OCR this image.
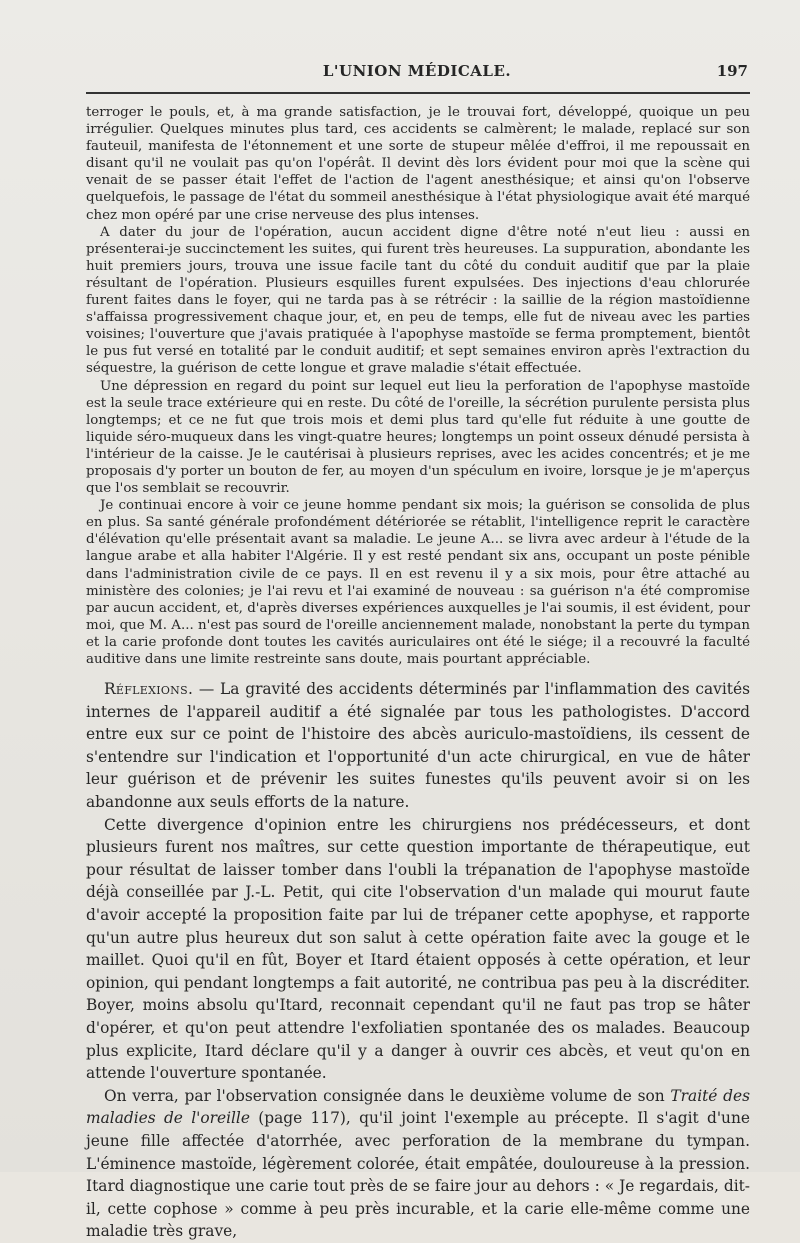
L'UNION MÉDICALE.	197

terroger le pouls, et, à ma grande satisfaction, je le trouvai fort, développé, quoique un peu irrégulier. Quelques minutes plus tard, ces accidents se calmèrent; le malade, replacé sur son fauteuil, manifesta de l'étonnement et une sorte de stupeur mêlée d'effroi, il me repoussait en disant qu'il ne voulait pas qu'on l'opérât. Il devint dès lors évident pour moi que la scène qui venait de se passer était l'effet de l'action de l'agent anesthésique; et ainsi qu'on l'observe quelquefois, le passage de l'état du sommeil anesthésique à l'état physiologique avait été marqué chez mon opéré par une crise nerveuse des plus intenses.

A dater du jour de l'opération, aucun accident digne d'être noté n'eut lieu : aussi en présenterai-je succinctement les suites, qui furent très heureuses. La suppuration, abondante les huit premiers jours, trouva une issue facile tant du côté du conduit auditif que par la plaie résultant de l'opération. Plusieurs esquilles furent expulsées. Des injections d'eau chlorurée furent faites dans le foyer, qui ne tarda pas à se rétrécir : la saillie de la région mastoïdienne s'affaissa progressivement chaque jour, et, en peu de temps, elle fut de niveau avec les parties voisines; l'ouverture que j'avais pratiquée à l'apophyse mastoïde se ferma promptement, bientôt le pus fut versé en totalité par le conduit auditif; et sept semaines environ après l'extraction du séquestre, la guérison de cette longue et grave maladie s'était effectuée.

Une dépression en regard du point sur lequel eut lieu la perforation de l'apophyse mastoïde est la seule trace extérieure qui en reste. Du côté de l'oreille, la sécrétion purulente persista plus longtemps; et ce ne fut que trois mois et demi plus tard qu'elle fut réduite à une goutte de liquide séro-muqueux dans les vingt-quatre heures; longtemps un point osseux dénudé persista à l'intérieur de la caisse. Je le cautérisai à plusieurs reprises, avec les acides concentrés; et je me proposais d'y porter un bouton de fer, au moyen d'un spéculum en ivoire, lorsque je je m'aperçus que l'os semblait se recouvrir.

Je continuai encore à voir ce jeune homme pendant six mois; la guérison se consolida de plus en plus. Sa santé générale profondément détériorée se rétablit, l'intelligence reprit le caractère d'élévation qu'elle présentait avant sa maladie. Le jeune A... se livra avec ardeur à l'étude de la langue arabe et alla habiter l'Algérie. Il y est resté pendant six ans, occupant un poste pénible dans l'administration civile de ce pays. Il en est revenu il y a six mois, pour être attaché au ministère des colonies; je l'ai revu et l'ai examiné de nouveau : sa guérison n'a été compromise par aucun accident, et, d'après diverses expériences auxquelles je l'ai soumis, il est évident, pour moi, que M. A... n'est pas sourd de l'oreille anciennement malade, nonobstant la perte du tympan et la carie profonde dont toutes les cavités auriculaires ont été le siége; il a recouvré la faculté auditive dans une limite restreinte sans doute, mais pourtant appréciable.

Réflexions. — La gravité des accidents déterminés par l'inflammation des cavités internes de l'appareil auditif a été signalée par tous les pathologistes. D'accord entre eux sur ce point de l'histoire des abcès auriculo-mastoïdiens, ils cessent de s'entendre sur l'indication et l'opportunité d'un acte chirurgical, en vue de hâter leur guérison et de prévenir les suites funestes qu'ils peuvent avoir si on les abandonne aux seuls efforts de la nature.

Cette divergence d'opinion entre les chirurgiens nos prédécesseurs, et dont plusieurs furent nos maîtres, sur cette question importante de thérapeutique, eut pour résultat de laisser tomber dans l'oubli la trépanation de l'apophyse mastoïde déjà conseillée par J.-L. Petit, qui cite l'observation d'un malade qui mourut faute d'avoir accepté la proposition faite par lui de trépaner cette apophyse, et rapporte qu'un autre plus heureux dut son salut à cette opération faite avec la gouge et le maillet. Quoi qu'il en fût, Boyer et Itard étaient opposés à cette opération, et leur opinion, qui pendant longtemps a fait autorité, ne contribua pas peu à la discréditer. Boyer, moins absolu qu'Itard, reconnait cependant qu'il ne faut pas trop se hâter d'opérer, et qu'on peut attendre l'exfoliatien spontanée des os malades. Beaucoup plus explicite, Itard déclare qu'il y a danger à ouvrir ces abcès, et veut qu'on en attende l'ouverture spontanée.

On verra, par l'observation consignée dans le deuxième volume de son Traité des maladies de l'oreille (page 117), qu'il joint l'exemple au précepte. Il s'agit d'une jeune fille affectée d'atorrhée, avec perforation de la membrane du tympan. L'éminence mastoïde, légèrement colorée, était empâtée, douloureuse à la pression. Itard diagnostique une carie tout près de se faire jour au dehors : « Je regardais, dit-il, cette cophose » comme à peu près incurable, et la carie elle-même comme une maladie très grave,
